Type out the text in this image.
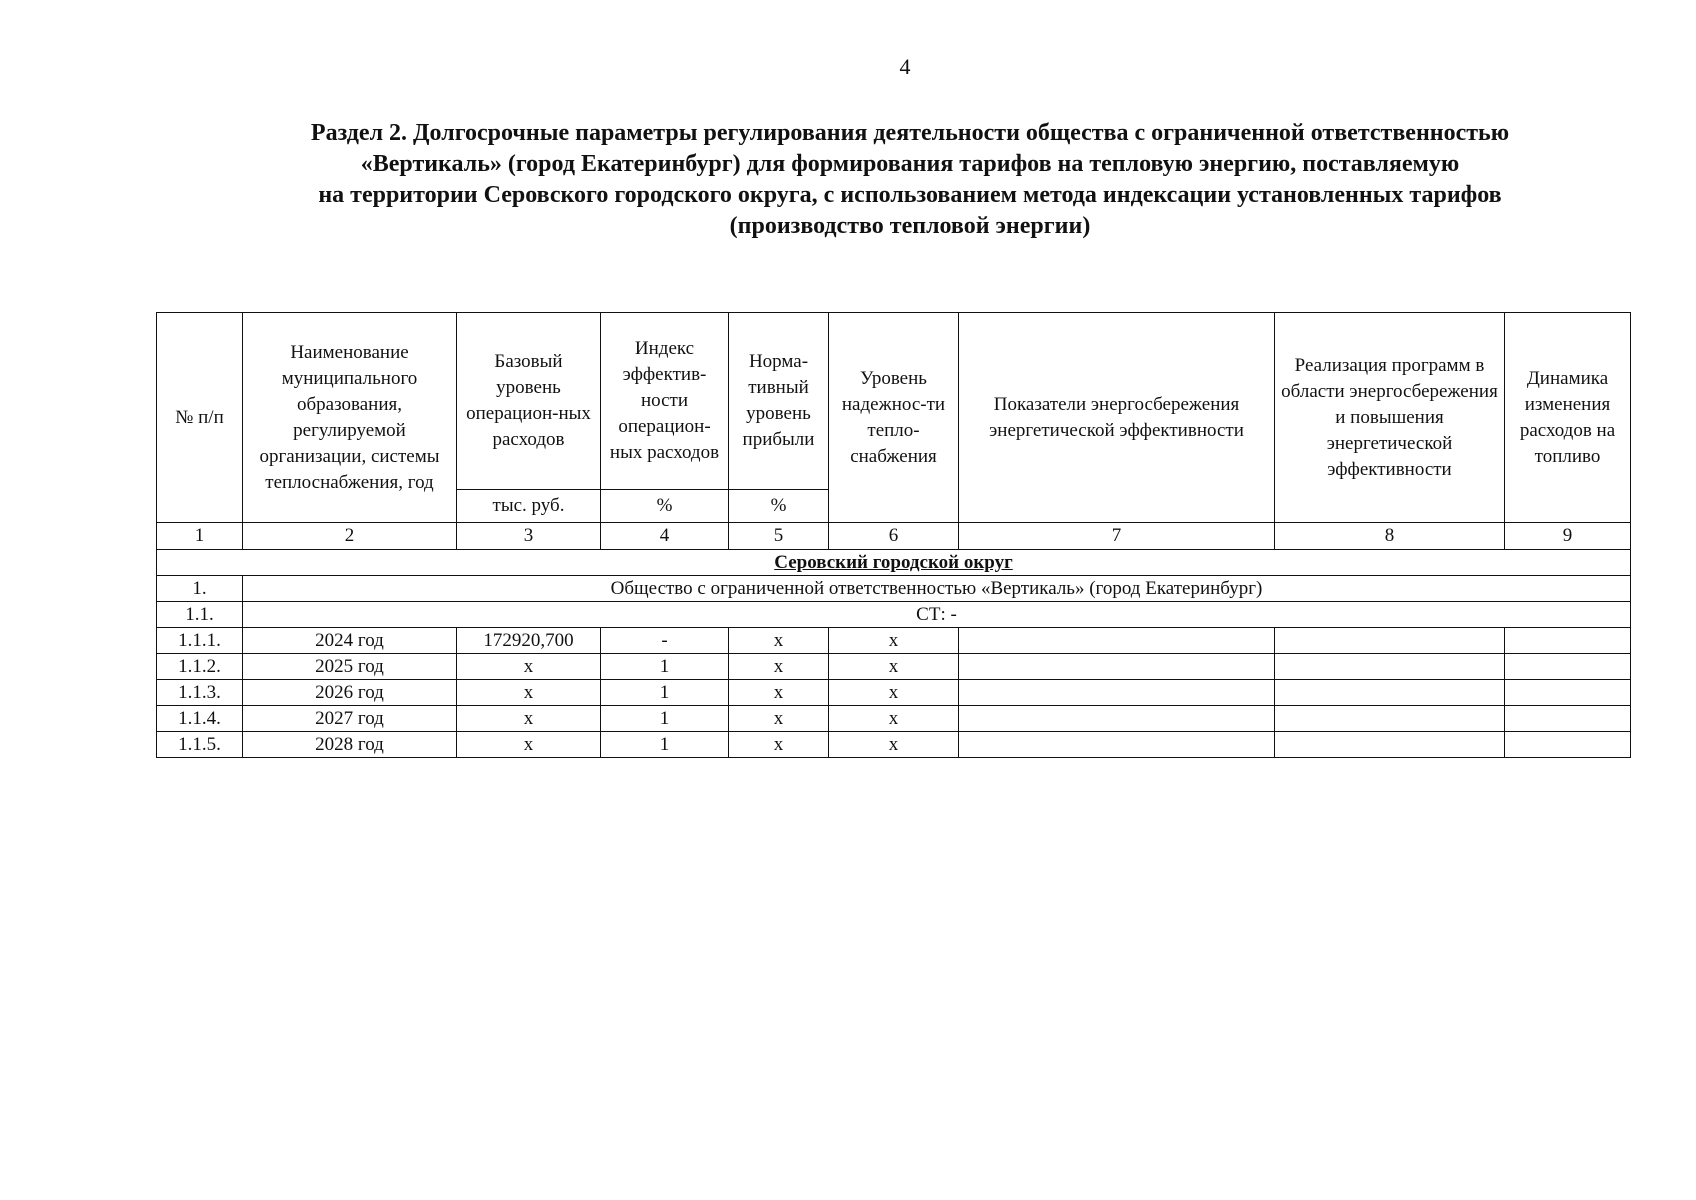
4
Раздел 2. Долгосрочные параметры регулирования деятельности общества с ограниченной ответственностью
«Вертикаль» (город Екатеринбург) для формирования тарифов на тепловую энергию, поставляемую
на территории Серовского городского округа, с использованием метода индексации установленных тарифов
(производство тепловой энергии)
№ п/п	Наименование муниципального образования, регулируемой организации, системы теплоснабжения, год	Базовый уровень операцион-ных расходов	Индекс эффектив-ности операцион-ных расходов	Норма-тивный уровень прибыли	Уровень надежнос-ти тепло-снабжения	Показатели энергосбережения энергетической эффективности	Реализация программ в области энергосбережения и повышения энергетической эффективности	Динамика изменения расходов на топливо
		тыс. руб.	%	%				
1	2	3	4	5	6	7	8	9
Серовский городской округ								
1.	Общество с ограниченной ответственностью «Вертикаль» (город Екатеринбург)							
1.1.	СТ: -							
1.1.1.	2024 год	172920,700	-	x	x			
1.1.2.	2025 год	x	1	x	x			
1.1.3.	2026 год	x	1	x	x			
1.1.4.	2027 год	x	1	x	x			
1.1.5.	2028 год	x	1	x	x			
